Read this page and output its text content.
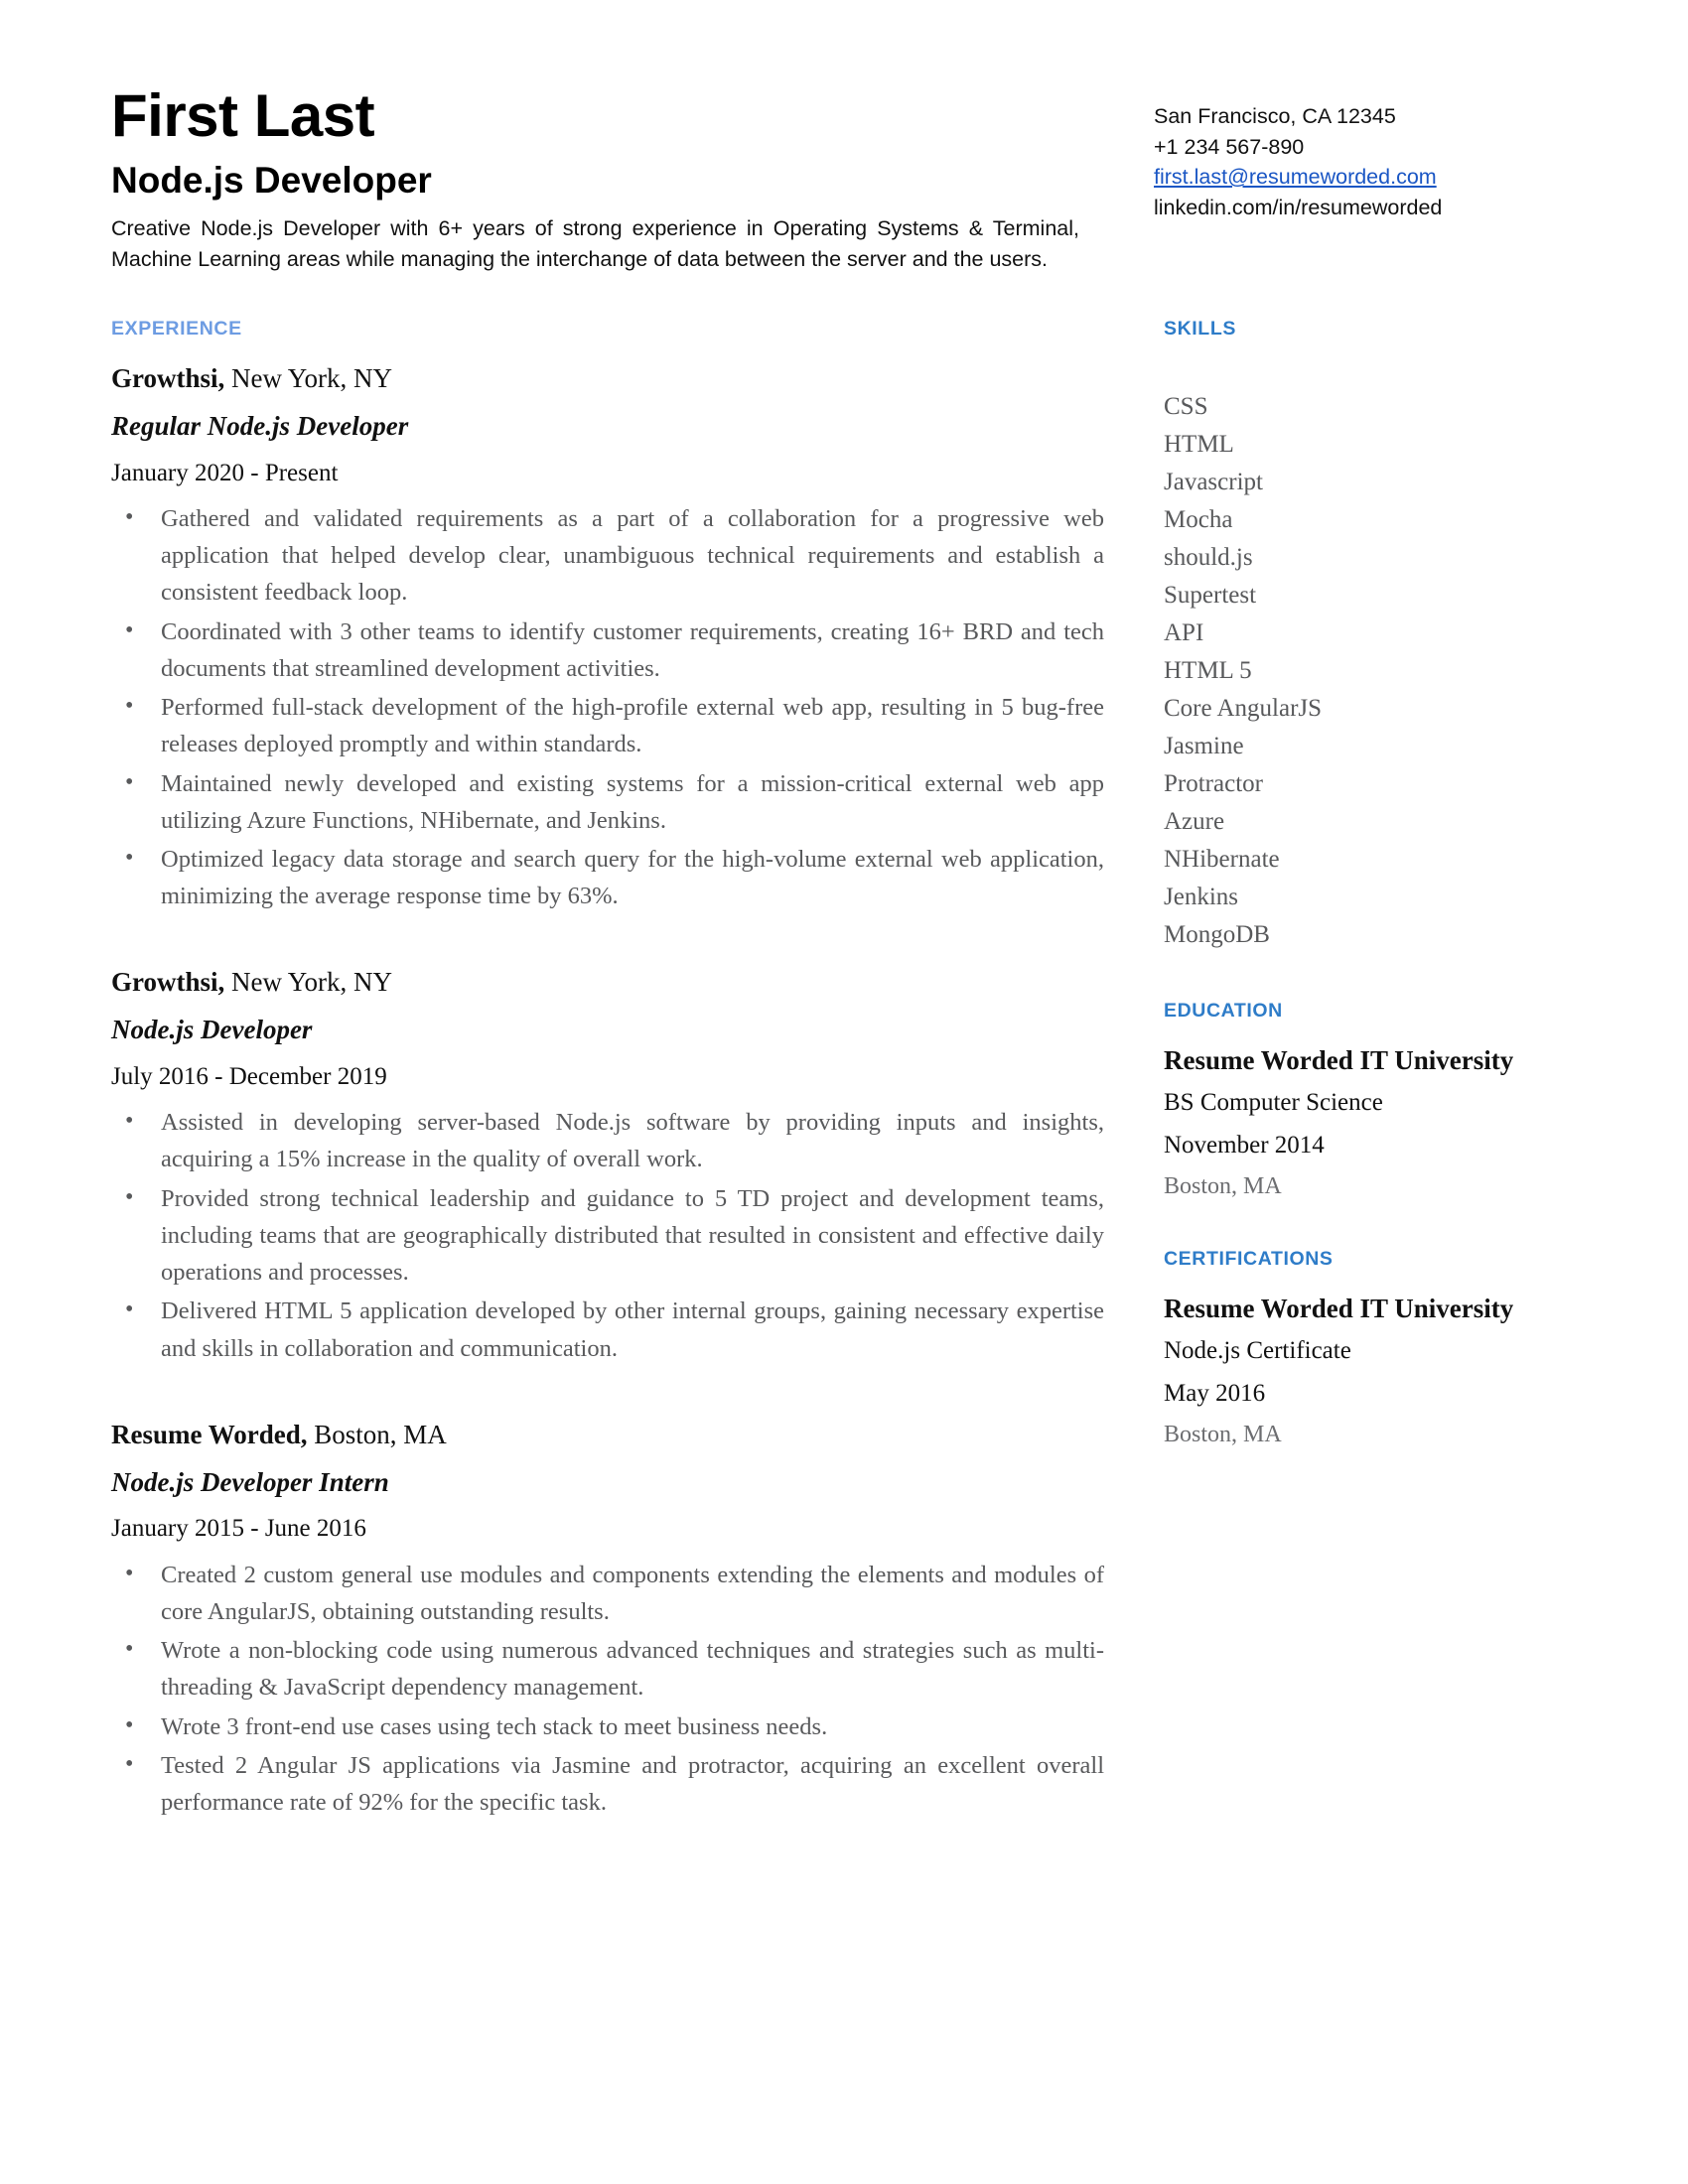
First Last
Node.js Developer

Creative Node.js Developer with 6+ years of strong experience in Operating Systems & Terminal, Machine Learning areas while managing the interchange of data between the server and the users.

San Francisco, CA 12345
+1 234 567-890
first.last@resumeworded.com
linkedin.com/in/resumeworded
EXPERIENCE

Growthsi, New York, NY

Regular Node.js Developer

January 2020 - Present

• Gathered and validated requirements as a part of a collaboration for a progressive web application that helped develop clear, unambiguous technical requirements and establish a consistent feedback loop.
• Coordinated with 3 other teams to identify customer requirements, creating 16+ BRD and tech documents that streamlined development activities.
• Performed full-stack development of the high-profile external web app, resulting in 5 bug-free releases deployed promptly and within standards.
• Maintained newly developed and existing systems for a mission-critical external web app utilizing Azure Functions, NHibernate, and Jenkins.
• Optimized legacy data storage and search query for the high-volume external web application, minimizing the average response time by 63%.

Growthsi, New York, NY

Node.js Developer

July 2016 - December 2019

• Assisted in developing server-based Node.js software by providing inputs and insights, acquiring a 15% increase in the quality of overall work.
• Provided strong technical leadership and guidance to 5 TD project and development teams, including teams that are geographically distributed that resulted in consistent and effective daily operations and processes.
• Delivered HTML 5 application developed by other internal groups, gaining necessary expertise and skills in collaboration and communication.

Resume Worded, Boston, MA

Node.js Developer Intern

January 2015 - June 2016

• Created 2 custom general use modules and components extending the elements and modules of core AngularJS, obtaining outstanding results.
• Wrote a non-blocking code using numerous advanced techniques and strategies such as multi-threading & JavaScript dependency management.
• Wrote 3 front-end use cases using tech stack to meet business needs.
• Tested 2 Angular JS applications via Jasmine and protractor, acquiring an excellent overall performance rate of 92% for the specific task.
SKILLS
CSS
HTML
Javascript
Mocha
should.js
Supertest
API
HTML 5
Core AngularJS
Jasmine
Protractor
Azure
NHibernate
Jenkins
MongoDB
EDUCATION

Resume Worded IT University

BS Computer Science

November 2014

Boston, MA

CERTIFICATIONS

Resume Worded IT University

Node.js Certificate

May 2016

Boston, MA
